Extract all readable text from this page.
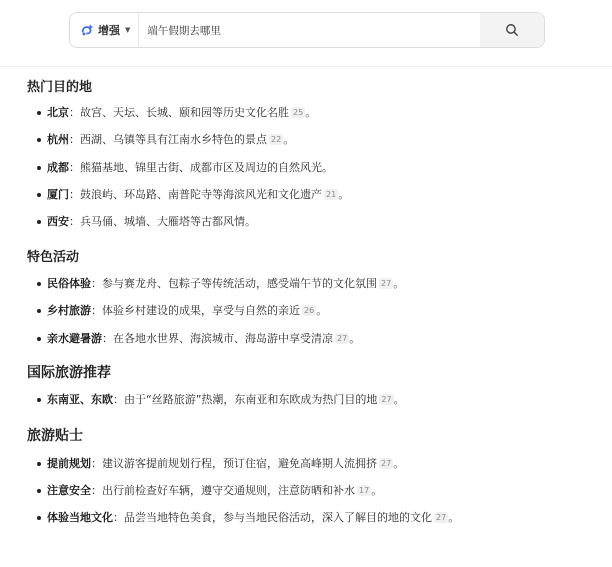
增强 ▼
端午假期去哪里
热门目的地
北京：故宫、天坛、长城、颐和园等历史文化名胜 25 。
杭州：西湖、乌镇等具有江南水乡特色的景点 22 。
成都：熊猫基地、锦里古街、成都市区及周边的自然风光。
厦门：鼓浪屿、环岛路、南普陀寺等海滨风光和文化遗产 21 。
西安：兵马俑、城墙、大雁塔等古都风情。
特色活动
民俗体验：参与赛龙舟、包粽子等传统活动，感受端午节的文化氛围 27 。
乡村旅游：体验乡村建设的成果，享受与自然的亲近 26 。
亲水避暑游：在各地水世界、海滨城市、海岛游中享受清凉 27 。
国际旅游推荐
东南亚、东欧：由于“丝路旅游”热潮，东南亚和东欧成为热门目的地 27 。
旅游贴士
提前规划：建议游客提前规划行程，预订住宿，避免高峰期人流拥挤 27 。
注意安全：出行前检查好车辆，遵守交通规则，注意防晒和补水 17 。
体验当地文化：品尝当地特色美食，参与当地民俗活动，深入了解目的地的文化 27 。
